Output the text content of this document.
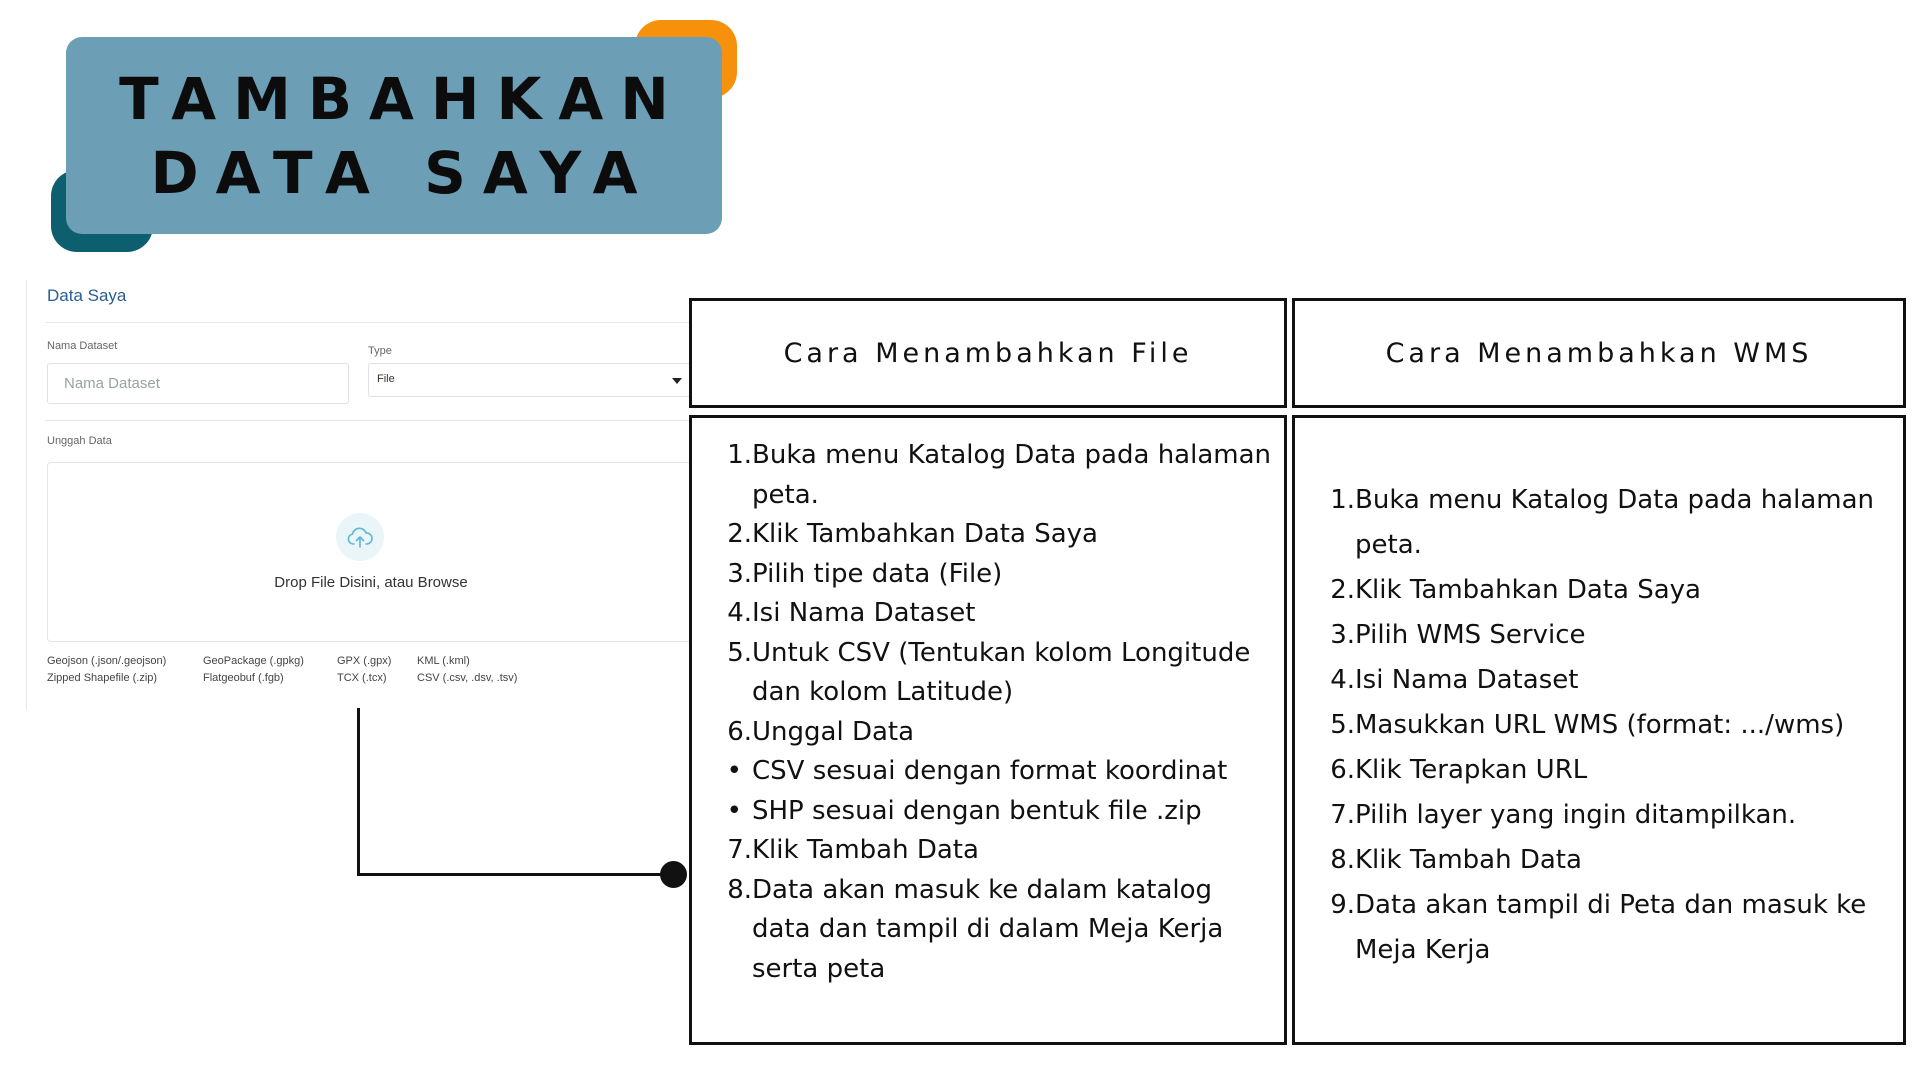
TAMBAHKAN
DATA SAYA
Data Saya
Nama Dataset
Nama Dataset	Type
File
Unggah Data
Drop File Disini, atau Browse
Geojson (.json/.geojson)
Zipped Shapefile (.zip)
GeoPackage (.gpkg)
Flatgeobuf (.fgb)
GPX (.gpx)
TCX (.tcx)
KML (.kml)
CSV (.csv, .dsv, .tsv)
Cara Menambahkan File
1. Buka menu Katalog Data pada halaman peta.
2. Klik Tambahkan Data Saya
3. Pilih tipe data (File)
4. Isi Nama Dataset
5. Untuk CSV (Tentukan kolom Longitude dan kolom Latitude)
6. Unggal Data
• CSV sesuai dengan format koordinat
• SHP sesuai dengan bentuk file .zip
7. Klik Tambah Data
8. Data akan masuk ke dalam katalog data dan tampil di dalam Meja Kerja serta peta
Cara Menambahkan WMS
1. Buka menu Katalog Data pada halaman peta.
2. Klik Tambahkan Data Saya
3. Pilih WMS Service
4. Isi Nama Dataset
5. Masukkan URL WMS (format: .../wms)
6. Klik Terapkan URL
7. Pilih layer yang ingin ditampilkan.
8. Klik Tambah Data
9. Data akan tampil di Peta dan masuk ke Meja Kerja
